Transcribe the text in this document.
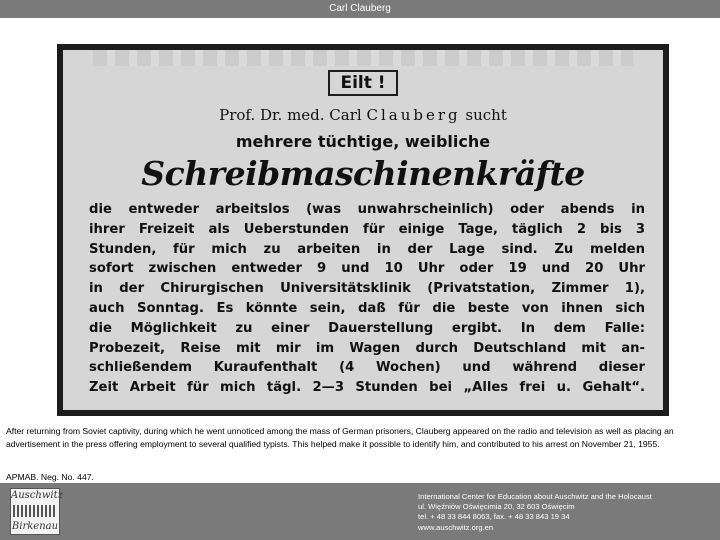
Carl Clauberg
Eilt !
Prof. Dr. med. Carl Clauberg sucht
mehrere tüchtige, weibliche
Schreibmaschinenkräfte
die entweder arbeitslos (was unwahrscheinlich) oder abends in
ihrer Freizeit als Ueberstunden für einige Tage, täglich 2 bis 3
Stunden, für mich zu arbeiten in der Lage sind. Zu melden
sofort zwischen entweder 9 und 10 Uhr oder 19 und 20 Uhr
in der Chirurgischen Universitätsklinik (Privatstation, Zimmer 1),
auch Sonntag. Es könnte sein, daß für die beste von ihnen sich
die Möglichkeit zu einer Dauerstellung ergibt. In dem Falle:
Probezeit, Reise mit mir im Wagen durch Deutschland mit an-
schließendem Kuraufenthalt (4 Wochen) und während dieser
Zeit Arbeit für mich tägl. 2—3 Stunden bei „Alles frei u. Gehalt“.

After returning from Soviet captivity, during which he went unnoticed among the mass of German prisoners, Clauberg appeared on the radio and television as well as placing an advertisement in the press offering employment to several qualified typists. This helped make it possible to identify him, and contributed to his arrest on November 21, 1955.

APMAB. Neg. No. 447.

Auschwitz
Birkenau
International Center for Education about Auschwitz and the Holocaust
ul. Więźniów Oświęcimia 20, 32 603 Oświęcim
tel. + 48 33 844 8063, fax. + 48 33 843 19 34
www.auschwitz.org.en
